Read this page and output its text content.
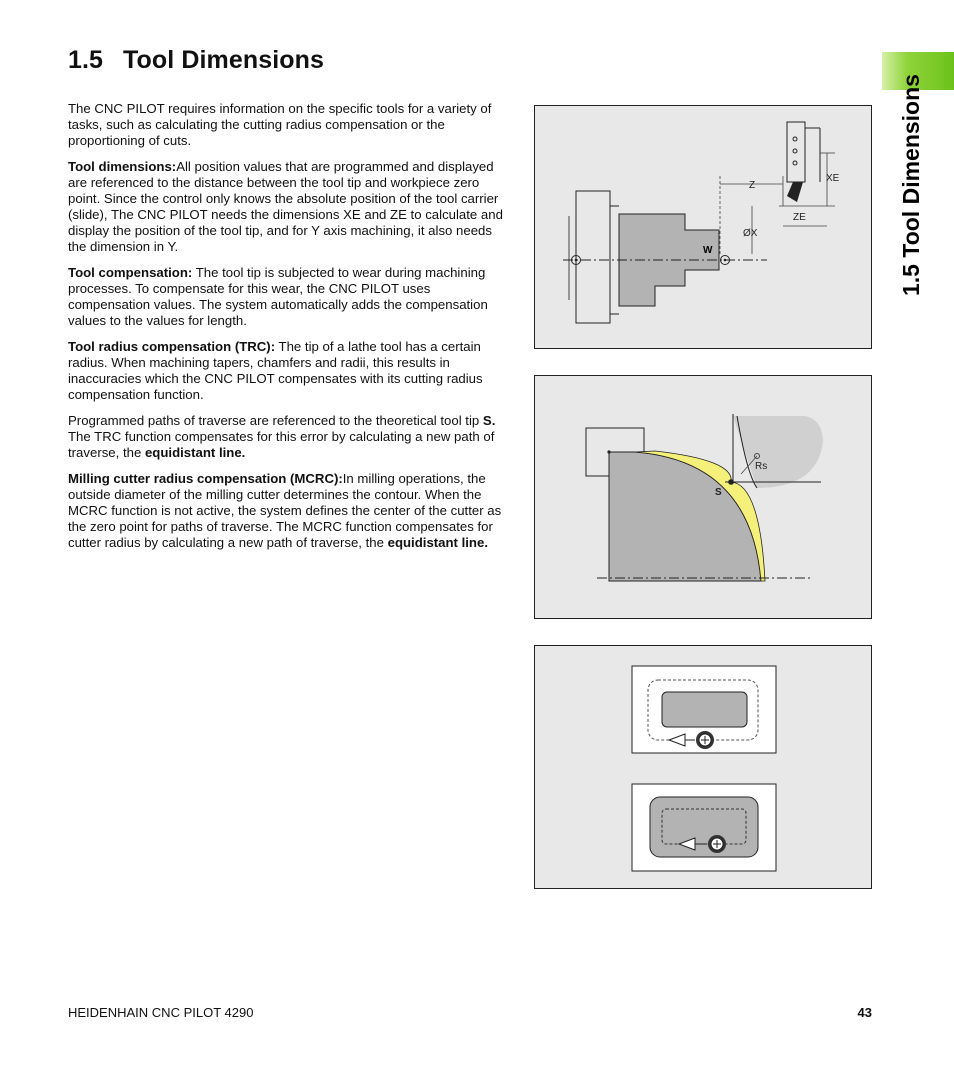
1.5 Tool Dimensions
1.5 Tool Dimensions

The CNC PILOT requires information on the specific tools for a variety of tasks, such as calculating the cutting radius compensation or the proportioning of cuts.

Tool dimensions:All position values that are programmed and displayed are referenced to the distance between the tool tip and workpiece zero point. Since the control only knows the absolute position of the tool carrier (slide), The CNC PILOT needs the dimensions XE and ZE to calculate and display the position of the tool tip, and for Y axis machining, it also needs the dimension in Y.

Tool compensation: The tool tip is subjected to wear during machining processes. To compensate for this wear, the CNC PILOT uses compensation values. The system automatically adds the compensation values to the values for length.

Tool radius compensation (TRC): The tip of a lathe tool has a certain radius. When machining tapers, chamfers and radii, this results in inaccuracies which the CNC PILOT compensates with its cutting radius compensation function.

Programmed paths of traverse are referenced to the theoretical tool tip S. The TRC function compensates for this error by calculating a new path of traverse, the equidistant line.

Milling cutter radius compensation (MCRC):In milling operations, the outside diameter of the milling cutter determines the contour. When the MCRC function is not active, the system defines the center of the cutter as the zero point for paths of traverse. The MCRC function compensates for cutter radius by calculating a new path of traverse, the equidistant line.

W
Z
XE
ZE
ØX
Rs
S
HEIDENHAIN CNC PILOT 4290	43
